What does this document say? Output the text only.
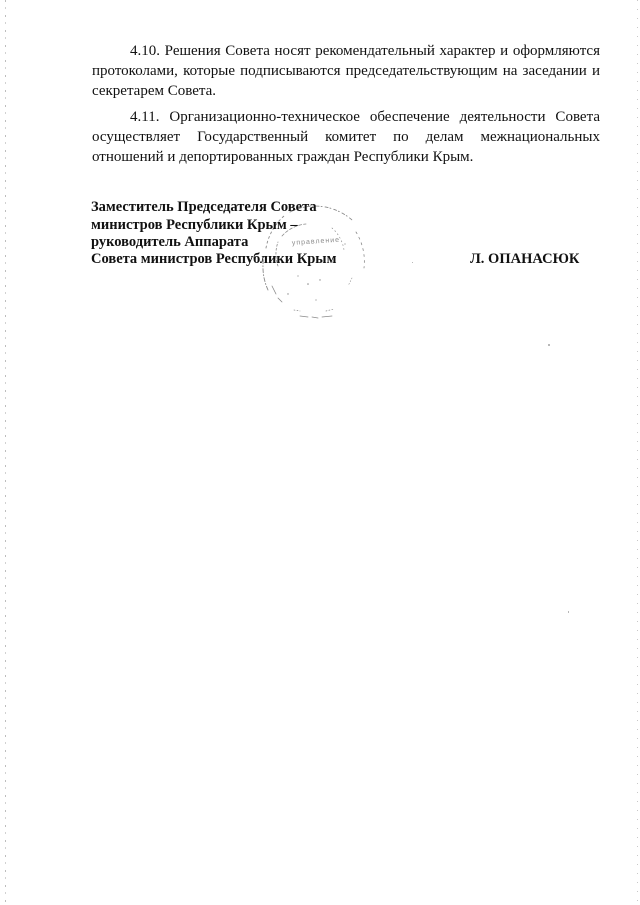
4.10. Решения Совета носят рекомендательный характер и оформляются протоколами, которые подписываются председательствующим на заседании и секретарем Совета.

4.11. Организационно-техническое обеспечение деятельности Совета осуществляет Государственный комитет по делам межнациональных отношений и депортированных граждан Республики Крым.

управление
Заместитель Председателя Совета
министров Республики Крым –
руководитель Аппарата
Совета министров Республики Крым	Л. ОПАНАСЮК
